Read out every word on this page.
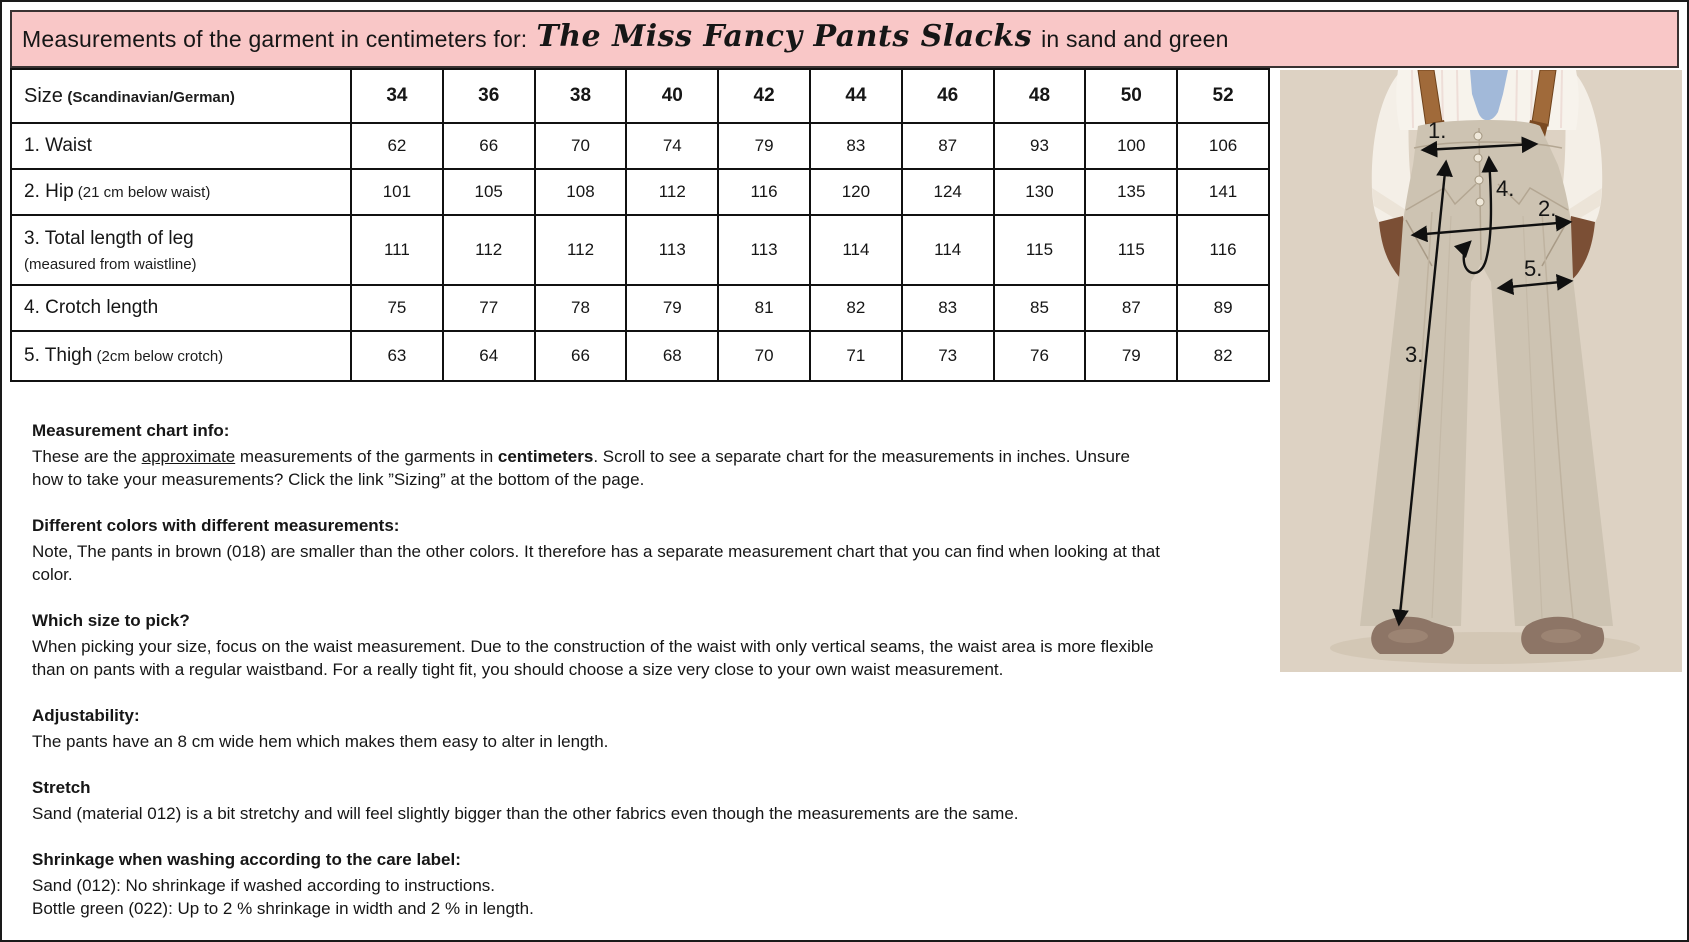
Measurements of the garment in centimeters for: The Miss Fancy Pants Slacks in sand and green
Size (Scandinavian/German)	34	36	38	40	42	44	46	48	50	52
1. Waist	62	66	70	74	79	83	87	93	100	106
2. Hip (21 cm below waist)	101	105	108	112	116	120	124	130	135	141
3. Total length of leg
(measured from waistline)	111	112	112	113	113	114	114	115	115	116
4. Crotch length	75	77	78	79	81	82	83	85	87	89
5. Thigh (2cm below crotch)	63	64	66	68	70	71	73	76	79	82
Measurement chart info:

These are the approximate measurements of the garments in centimeters. Scroll to see a separate chart for the measurements in inches. Unsure how to take your measurements? Click the link ”Sizing” at the bottom of the page.

Different colors with different measurements:

Note, The pants in brown (018) are smaller than the other colors. It therefore has a separate measurement chart that you can find when looking at that color.

Which size to pick?

When picking your size, focus on the waist measurement. Due to the construction of the waist with only vertical seams, the waist area is more flexible than on pants with a regular waistband. For a really tight fit, you should choose a size very close to your own waist measurement.

Adjustability:

The pants have an 8 cm wide hem which makes them easy to alter in length.

Stretch

Sand (material 012) is a bit stretchy and will feel slightly bigger than the other fabrics even though the measurements are the same.

Shrinkage when washing according to the care label:
Sand (012): No shrinkage if washed according to instructions.
Bottle green (022): Up to 2 % shrinkage in width and 2 % in length.
1.
2.
3.
4.
5.
